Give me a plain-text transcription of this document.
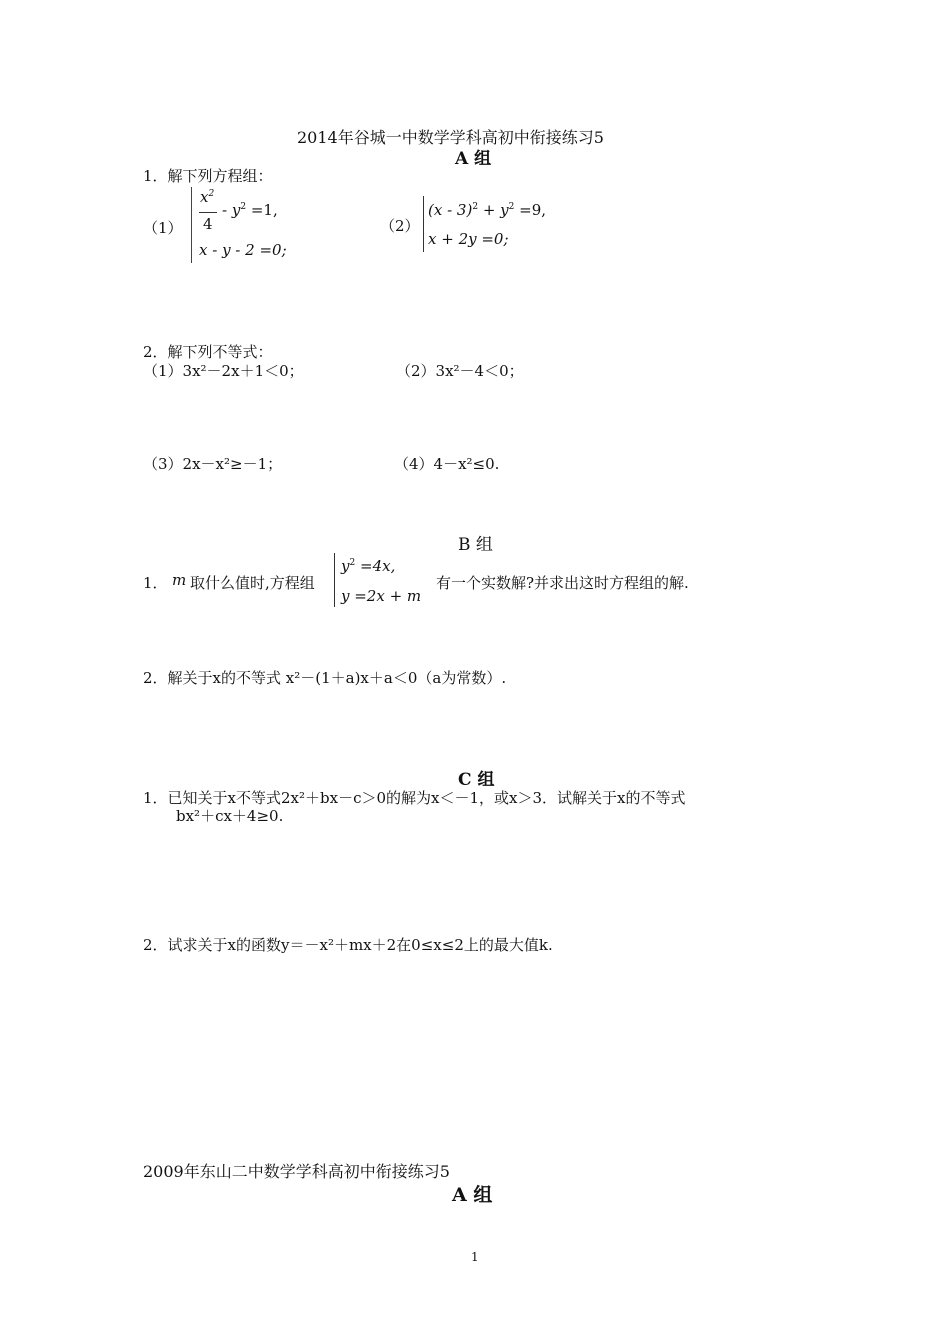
2014年谷城一中数学学科高初中衔接练习5
A 组
1．解下列方程组：
（1）
$x^2$
4
- $y^2 =1$,
x - y - 2 =0;
（2）
$(x - 3)^2 + y^2 =9$,
x + 2y =0;
2．解下列不等式：
（1）3x²－2x＋1＜0；	（2）3x²－4＜0；
（3）2x－x²≥－1；	（4）4－x²≤0.
B 组
1． m 取什么值时,方程组
$y^2 =4x$,
y =2x + m
有一个实数解?并求出这时方程组的解.
2．解关于x的不等式 x²－(1＋a)x＋a＜0（a为常数）.
C 组
1．已知关于x不等式2x²＋bx－c＞0的解为x＜－1，或x＞3．试解关于x的不等式
bx²＋cx＋4≥0.
2．试求关于x的函数y＝－x²＋mx＋2在0≤x≤2上的最大值k.
2009年东山二中数学学科高初中衔接练习5
A 组
1
